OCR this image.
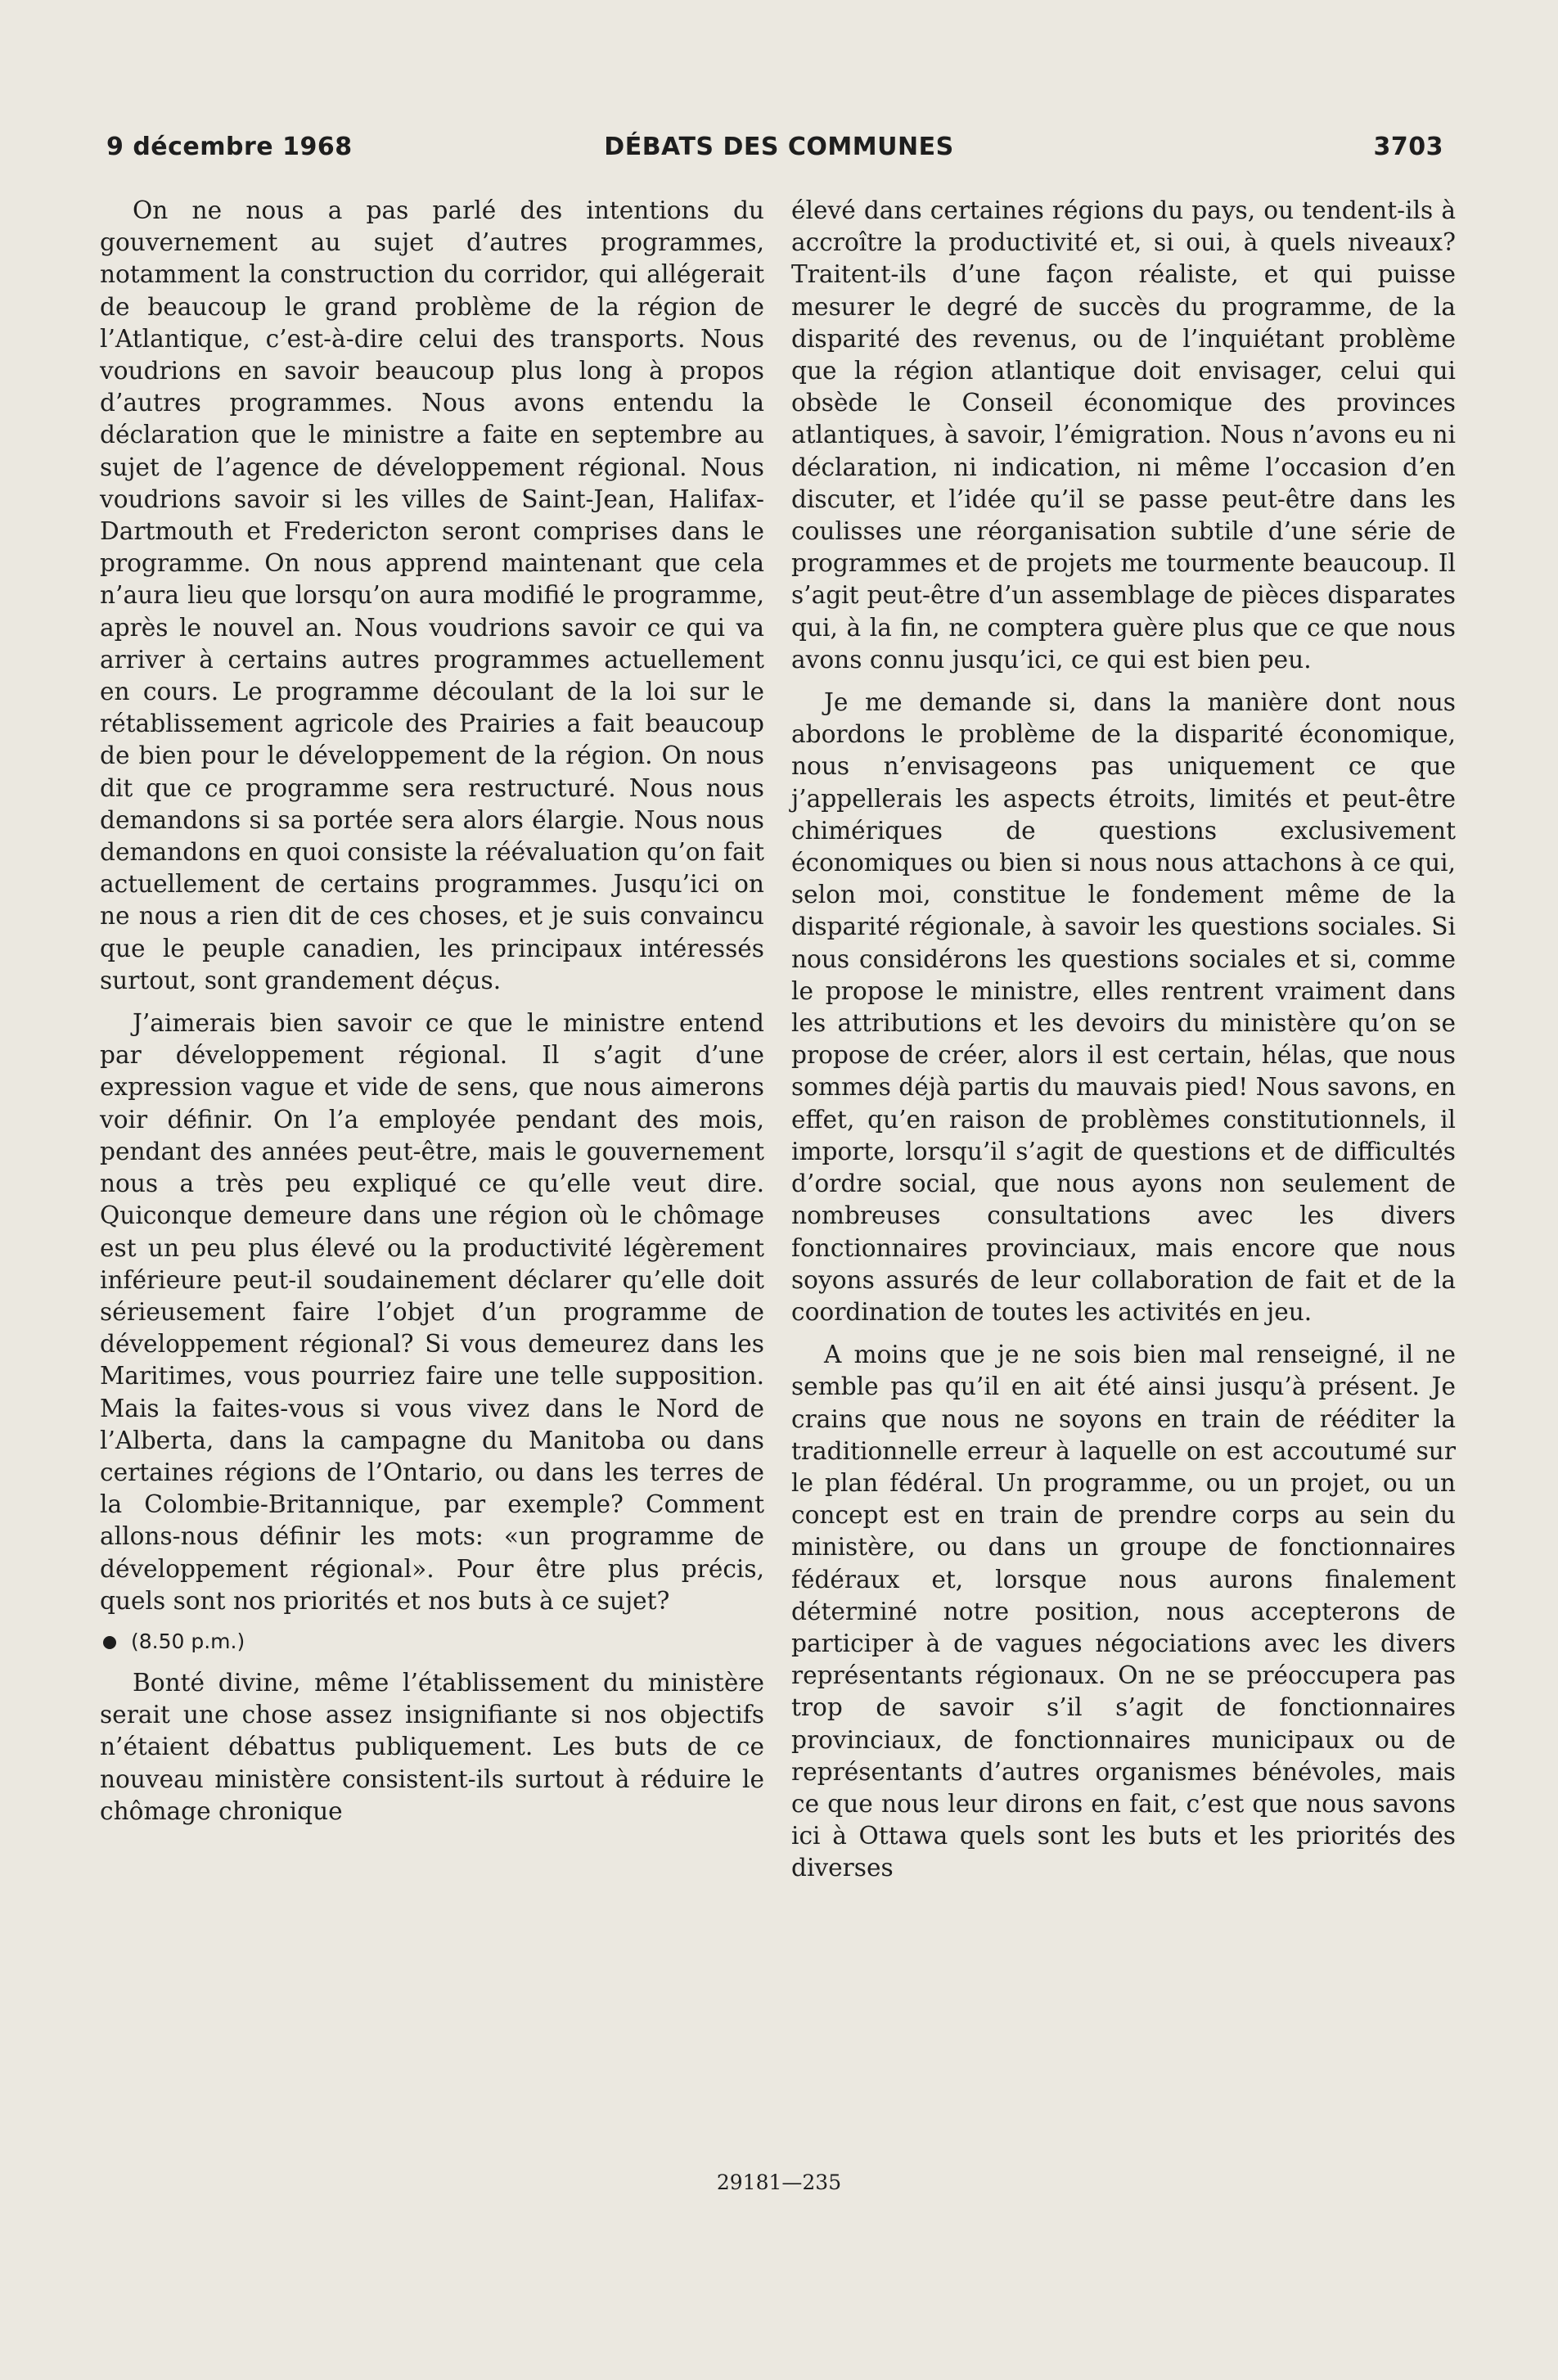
9 décembre 1968	DÉBATS DES COMMUNES	3703

On ne nous a pas parlé des intentions du gouvernement au sujet d’autres programmes, notamment la construction du corridor, qui allégerait de beaucoup le grand problème de la région de l’Atlantique, c’est-à-dire celui des transports. Nous voudrions en savoir beaucoup plus long à propos d’autres programmes. Nous avons entendu la déclaration que le ministre a faite en septembre au sujet de l’agence de développement régional. Nous voudrions savoir si les villes de Saint-Jean, Halifax-Dartmouth et Fredericton seront comprises dans le programme. On nous apprend maintenant que cela n’aura lieu que lorsqu’on aura modifié le programme, après le nouvel an. Nous voudrions savoir ce qui va arriver à certains autres programmes actuellement en cours. Le programme découlant de la loi sur le rétablissement agricole des Prairies a fait beaucoup de bien pour le développement de la région. On nous dit que ce programme sera restructuré. Nous nous demandons si sa portée sera alors élargie. Nous nous demandons en quoi consiste la réévaluation qu’on fait actuellement de certains programmes. Jusqu’ici on ne nous a rien dit de ces choses, et je suis convaincu que le peuple canadien, les principaux intéressés surtout, sont grandement déçus.

J’aimerais bien savoir ce que le ministre entend par développement régional. Il s’agit d’une expression vague et vide de sens, que nous aimerons voir définir. On l’a employée pendant des mois, pendant des années peut-être, mais le gouvernement nous a très peu expliqué ce qu’elle veut dire. Quiconque demeure dans une région où le chômage est un peu plus élevé ou la productivité légèrement inférieure peut-il soudainement déclarer qu’elle doit sérieusement faire l’objet d’un programme de développement régional? Si vous demeurez dans les Maritimes, vous pourriez faire une telle supposition. Mais la faites-vous si vous vivez dans le Nord de l’Alberta, dans la campagne du Manitoba ou dans certaines régions de l’Ontario, ou dans les terres de la Colombie-Britannique, par exemple? Comment allons-nous définir les mots: «un programme de développement régional». Pour être plus précis, quels sont nos priorités et nos buts à ce sujet?

(8.50 p.m.)

Bonté divine, même l’établissement du ministère serait une chose assez insignifiante si nos objectifs n’étaient débattus publiquement. Les buts de ce nouveau ministère consistent-ils surtout à réduire le chômage chronique

élevé dans certaines régions du pays, ou tendent-ils à accroître la productivité et, si oui, à quels niveaux? Traitent-ils d’une façon réaliste, et qui puisse mesurer le degré de succès du programme, de la disparité des revenus, ou de l’inquiétant problème que la région atlantique doit envisager, celui qui obsède le Conseil économique des provinces atlantiques, à savoir, l’émigration. Nous n’avons eu ni déclaration, ni indication, ni même l’occasion d’en discuter, et l’idée qu’il se passe peut-être dans les coulisses une réorganisation subtile d’une série de programmes et de projets me tourmente beaucoup. Il s’agit peut-être d’un assemblage de pièces disparates qui, à la fin, ne comptera guère plus que ce que nous avons connu jusqu’ici, ce qui est bien peu.

Je me demande si, dans la manière dont nous abordons le problème de la disparité économique, nous n’envisageons pas uniquement ce que j’appellerais les aspects étroits, limités et peut-être chimériques de questions exclusivement économiques ou bien si nous nous attachons à ce qui, selon moi, constitue le fondement même de la disparité régionale, à savoir les questions sociales. Si nous considérons les questions sociales et si, comme le propose le ministre, elles rentrent vraiment dans les attributions et les devoirs du ministère qu’on se propose de créer, alors il est certain, hélas, que nous sommes déjà partis du mauvais pied! Nous savons, en effet, qu’en raison de problèmes constitutionnels, il importe, lorsqu’il s’agit de questions et de difficultés d’ordre social, que nous ayons non seulement de nombreuses consultations avec les divers fonctionnaires provinciaux, mais encore que nous soyons assurés de leur collaboration de fait et de la coordination de toutes les activités en jeu.

A moins que je ne sois bien mal renseigné, il ne semble pas qu’il en ait été ainsi jusqu’à présent. Je crains que nous ne soyons en train de rééditer la traditionnelle erreur à laquelle on est accoutumé sur le plan fédéral. Un programme, ou un projet, ou un concept est en train de prendre corps au sein du ministère, ou dans un groupe de fonctionnaires fédéraux et, lorsque nous aurons finalement déterminé notre position, nous accepterons de participer à de vagues négociations avec les divers représentants régionaux. On ne se préoccupera pas trop de savoir s’il s’agit de fonctionnaires provinciaux, de fonctionnaires municipaux ou de représentants d’autres organismes bénévoles, mais ce que nous leur dirons en fait, c’est que nous savons ici à Ottawa quels sont les buts et les priorités des diverses

29181—235
